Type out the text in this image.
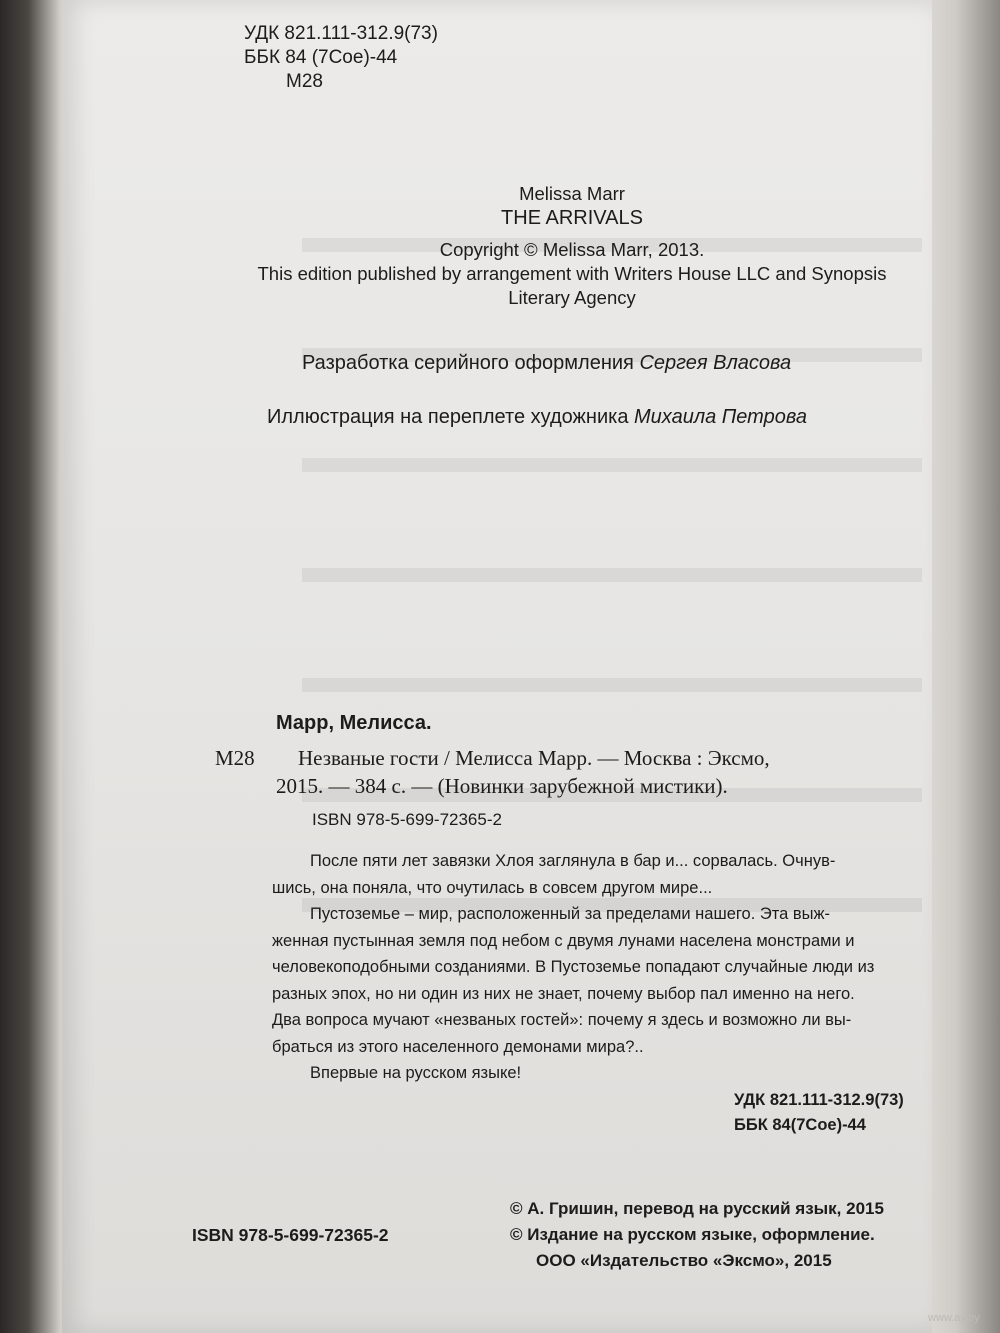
УДК 821.111-312.9(73)
ББК 84 (7Сое)-44
М28
Melissa Marr
THE ARRIVALS
Copyright © Melissa Marr, 2013.
This edition published by arrangement with Writers House LLC and Synopsis
Literary Agency
Разработка серийного оформления Сергея Власова
Иллюстрация на переплете художника Михаила Петрова
Марр, Мелисса.
М28 Незваные гости / Мелисса Марр. — Москва : Эксмо,
2015. — 384 с. — (Новинки зарубежной мистики).
ISBN 978-5-699-72365-2
После пяти лет завязки Хлоя заглянула в бар и... сорвалась. Очнув-
шись, она поняла, что очутилась в совсем другом мире...
Пустоземье – мир, расположенный за пределами нашего. Эта выж-
женная пустынная земля под небом с двумя лунами населена монстрами и
человекоподобными созданиями. В Пустоземье попадают случайные люди из
разных эпох, но ни один из них не знает, почему выбор пал именно на него.
Два вопроса мучают «незваных гостей»: почему я здесь и возможно ли вы-
браться из этого населенного демонами мира?..
Впервые на русском языке!
УДК 821.111-312.9(73)
ББК 84(7Сое)-44
ISBN 978-5-699-72365-2
© А. Гришин, перевод на русский язык, 2015
© Издание на русском языке, оформление.
ООО «Издательство «Эксмо», 2015
www.ay.by
